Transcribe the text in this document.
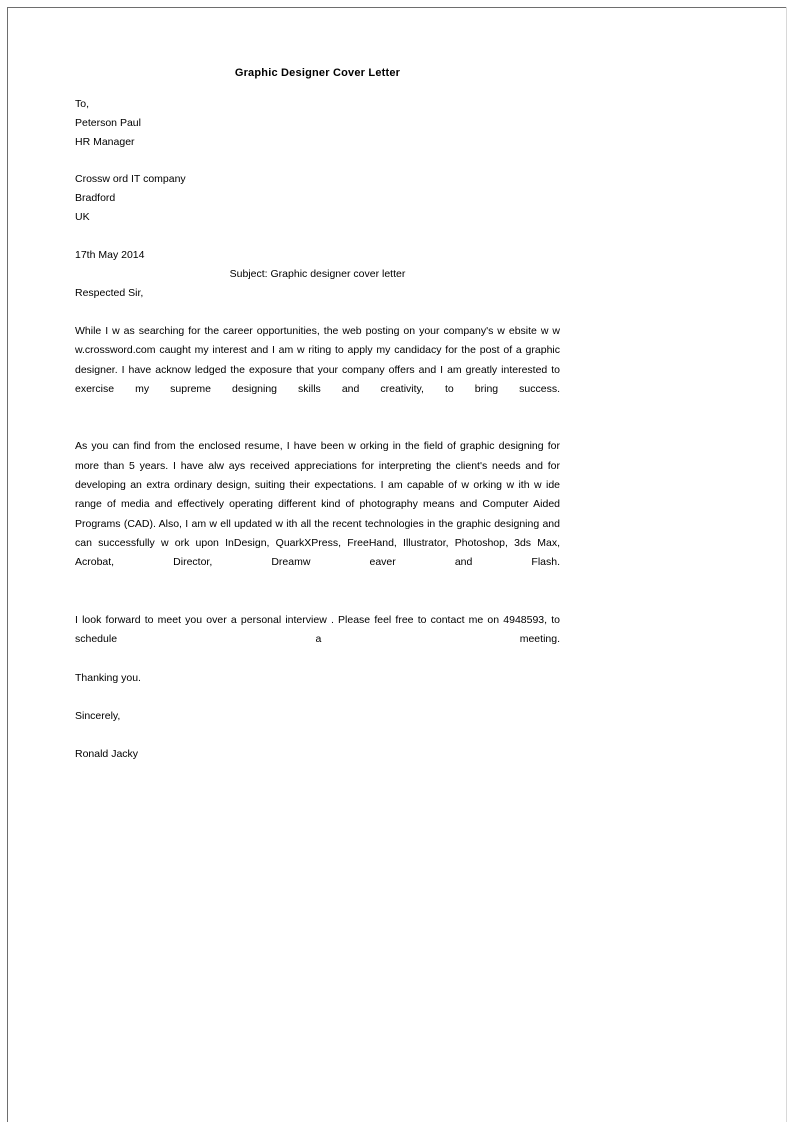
Graphic Designer Cover Letter

To,

Peterson Paul

HR Manager

Crossw ord IT company

Bradford

UK

17th May 2014

Subject: Graphic designer cover letter

Respected Sir,

While I w as searching for the career opportunities, the web posting on your company's w ebsite w w w.crossword.com caught my interest and I am w riting to apply my candidacy for the post of a graphic designer. I have acknow ledged the exposure that your company offers and I am greatly interested to exercise my supreme designing skills and creativity, to bring success.

As you can find from the enclosed resume, I have been w orking in the field of graphic designing for more than 5 years. I have alw ays received appreciations for interpreting the client's needs and for developing an extra ordinary design, suiting their expectations. I am capable of w orking w ith w ide range of media and effectively operating different kind of photography means and Computer Aided Programs (CAD). Also, I am w ell updated w ith all the recent technologies in the graphic designing and can successfully w ork upon InDesign, QuarkXPress, FreeHand, Illustrator, Photoshop, 3ds Max, Acrobat, Director, Dreamw eaver and Flash.

I look forward to meet you over a personal interview . Please feel free to contact me on 4948593, to schedule a meeting.

Thanking you.

Sincerely,

Ronald Jacky
